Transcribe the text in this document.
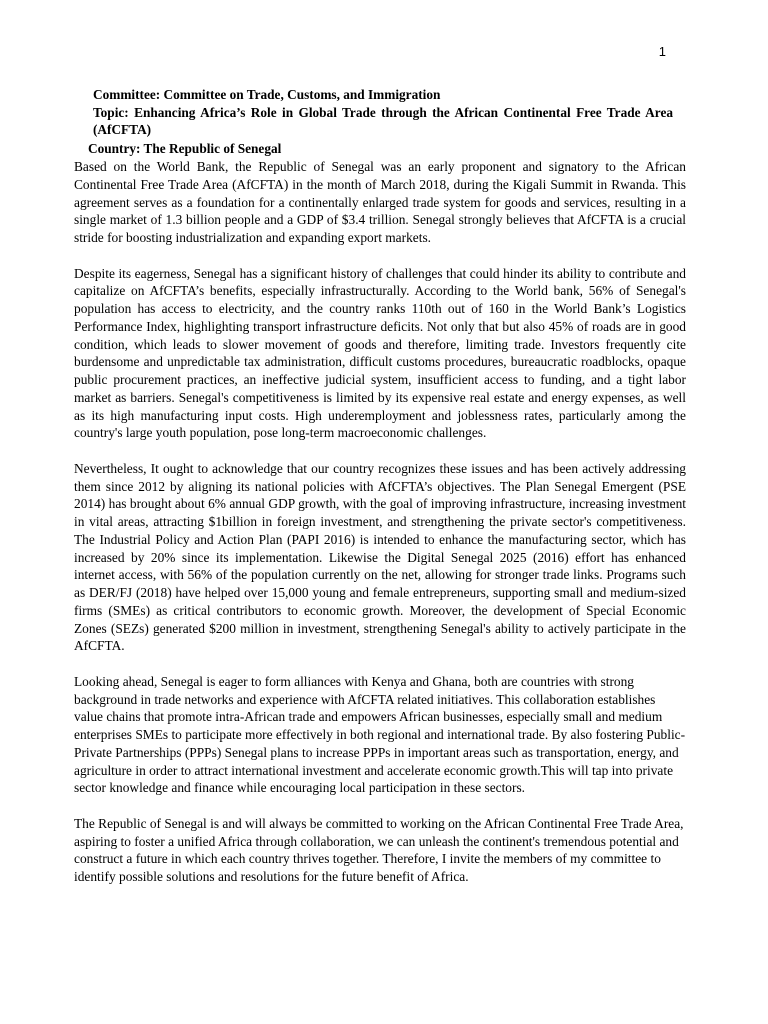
1
Committee: Committee on Trade, Customs, and Immigration
Topic: Enhancing Africa’s Role in Global Trade through the African Continental Free Trade Area (AfCFTA)
Country: The Republic of Senegal

Based on the World Bank, the Republic of Senegal was an early proponent and signatory to the African Continental Free Trade Area (AfCFTA) in the month of March 2018, during the Kigali Summit in Rwanda. This agreement serves as a foundation for a continentally enlarged trade system for goods and services, resulting in a single market of 1.3 billion people and a GDP of $3.4 trillion. Senegal strongly believes that AfCFTA is a crucial stride for boosting industrialization and expanding export markets.

Despite its eagerness, Senegal has a significant history of challenges that could hinder its ability to contribute and capitalize on AfCFTA’s benefits, especially infrastructurally. According to the World bank, 56% of Senegal's population has access to electricity, and the country ranks 110th out of 160 in the World Bank’s Logistics Performance Index, highlighting transport infrastructure deficits. Not only that but also 45% of roads are in good condition, which leads to slower movement of goods and therefore, limiting trade. Investors frequently cite burdensome and unpredictable tax administration, difficult customs procedures, bureaucratic roadblocks, opaque public procurement practices, an ineffective judicial system, insufficient access to funding, and a tight labor market as barriers. Senegal's competitiveness is limited by its expensive real estate and energy expenses, as well as its high manufacturing input costs. High underemployment and joblessness rates, particularly among the country's large youth population, pose long-term macroeconomic challenges.

Nevertheless, It ought to acknowledge that our country recognizes these issues and has been actively addressing them since 2012 by aligning its national policies with AfCFTA’s objectives. The Plan Senegal Emergent (PSE 2014) has brought about 6% annual GDP growth, with the goal of improving infrastructure, increasing investment in vital areas, attracting $1billion in foreign investment, and strengthening the private sector's competitiveness. The Industrial Policy and Action Plan (PAPI 2016) is intended to enhance the manufacturing sector, which has increased by 20% since its implementation. Likewise the Digital Senegal 2025 (2016) effort has enhanced internet access, with 56% of the population currently on the net, allowing for stronger trade links. Programs such as DER/FJ (2018) have helped over 15,000 young and female entrepreneurs, supporting small and medium-sized firms (SMEs) as critical contributors to economic growth. Moreover, the development of Special Economic Zones (SEZs) generated $200 million in investment, strengthening Senegal's ability to actively participate in the AfCFTA.

Looking ahead, Senegal is eager to form alliances with Kenya and Ghana, both are countries with strong background in trade networks and experience with AfCFTA related initiatives. This collaboration establishes value chains that promote intra-African trade and empowers African businesses, especially small and medium enterprises SMEs to participate more effectively in both regional and international trade. By also fostering Public-Private Partnerships (PPPs) Senegal plans to increase PPPs in important areas such as transportation, energy, and agriculture in order to attract international investment and accelerate economic growth.This will tap into private sector knowledge and finance while encouraging local participation in these sectors.

The Republic of Senegal is and will always be committed to working on the African Continental Free Trade Area, aspiring to foster a unified Africa through collaboration, we can unleash the continent's tremendous potential and construct a future in which each country thrives together. Therefore, I invite the members of my committee to identify possible solutions and resolutions for the future benefit of Africa.
